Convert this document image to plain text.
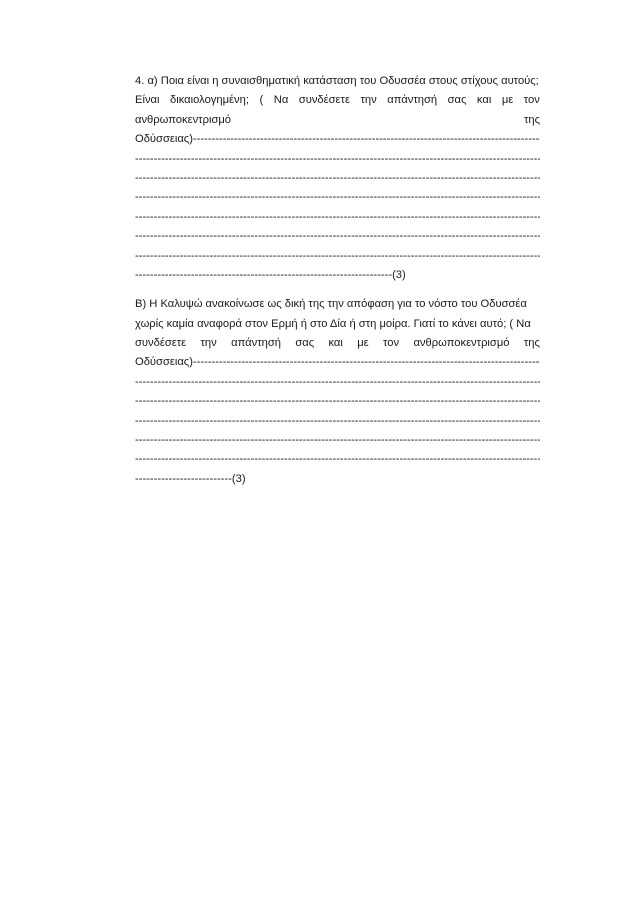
4. α) Ποια είναι η συναισθηματική κατάσταση του Οδυσσέα στους στίχους αυτούς;
Είναι δικαιολογημένη; ( Να συνδέσετε την απάντησή σας και με τον
ανθρωποκεντρισμό	της
Οδύσσειας) -----
-----
-----
-----
-----
-----
-----
---------------------------------------------------------------------(3)
Β) Η Καλυψώ ανακοίνωσε ως δική της την απόφαση για το νόστο του Οδυσσέα
χωρίς καμία αναφορά στον Ερμή ή στο Δία ή στη μοίρα. Γιατί το κάνει αυτό; ( Να
συνδέσετε την απάντησή σας και με τον ανθρωποκεντρισμό της
Οδύσσειας) -----
-----
-----
-----
-----
-----
--------------------------(3)
